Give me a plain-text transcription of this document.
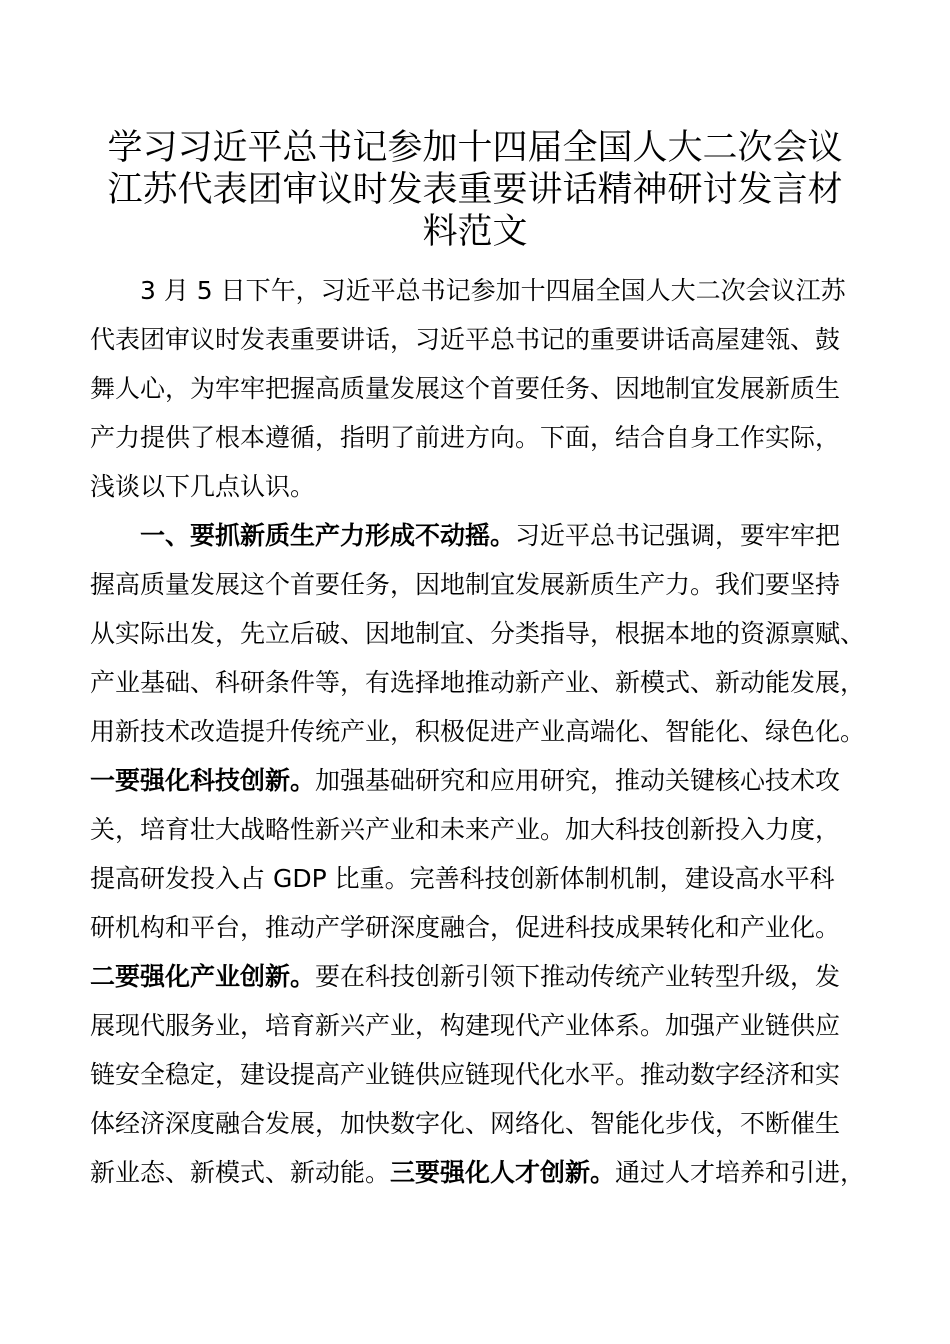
学习习近平总书记参加十四届全国人大二次会议
江苏代表团审议时发表重要讲话精神研讨发言材
料范文
3 月 5 日下午，习近平总书记参加十四届全国人大二次会议江苏
代表团审议时发表重要讲话，习近平总书记的重要讲话高屋建瓴、鼓
舞人心，为牢牢把握高质量发展这个首要任务、因地制宜发展新质生
产力提供了根本遵循，指明了前进方向。下面，结合自身工作实际，
浅谈以下几点认识。
一、要抓新质生产力形成不动摇。习近平总书记强调，要牢牢把
握高质量发展这个首要任务，因地制宜发展新质生产力。我们要坚持
从实际出发，先立后破、因地制宜、分类指导，根据本地的资源禀赋、
产业基础、科研条件等，有选择地推动新产业、新模式、新动能发展，
用新技术改造提升传统产业，积极促进产业高端化、智能化、绿色化。
一要强化科技创新。加强基础研究和应用研究，推动关键核心技术攻
关，培育壮大战略性新兴产业和未来产业。加大科技创新投入力度，
提高研发投入占 GDP 比重。完善科技创新体制机制，建设高水平科
研机构和平台，推动产学研深度融合，促进科技成果转化和产业化。
二要强化产业创新。要在科技创新引领下推动传统产业转型升级，发
展现代服务业，培育新兴产业，构建现代产业体系。加强产业链供应
链安全稳定，建设提高产业链供应链现代化水平。推动数字经济和实
体经济深度融合发展，加快数字化、网络化、智能化步伐，不断催生
新业态、新模式、新动能。三要强化人才创新。通过人才培养和引进，
